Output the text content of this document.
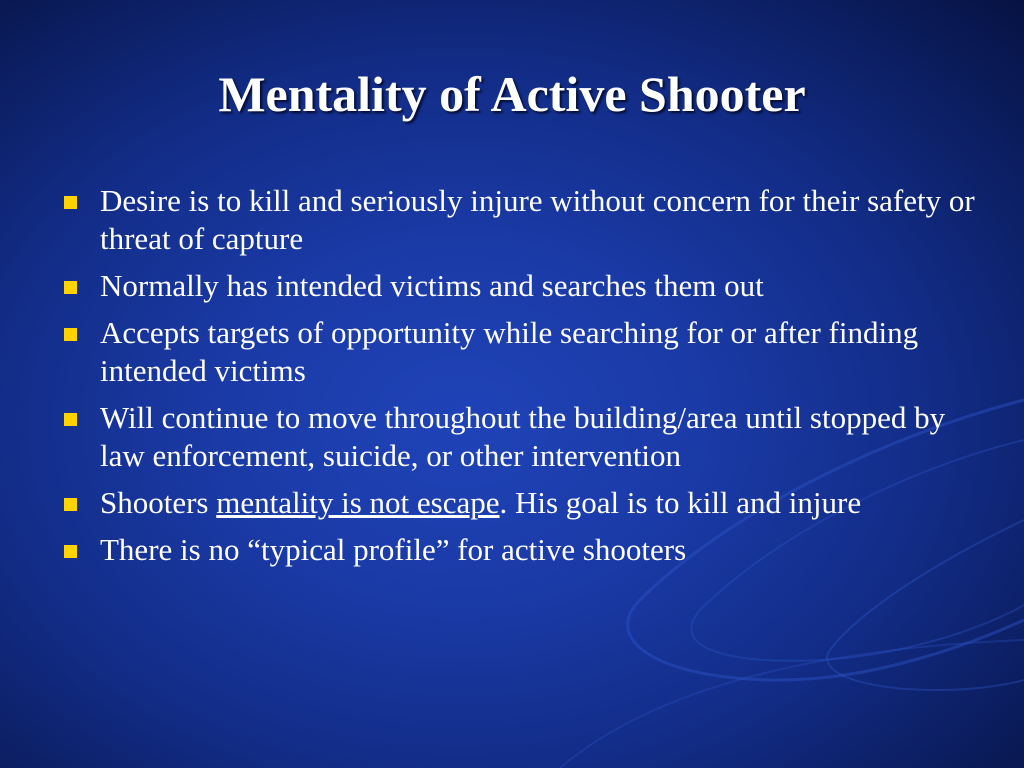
Mentality of Active Shooter
Desire is to kill and seriously injure without concern for their safety or threat of capture
Normally has intended victims and searches them out
Accepts targets of opportunity while searching for or after finding intended victims
Will continue to move throughout the building/area until stopped by law enforcement, suicide, or other intervention
Shooters mentality is not escape. His goal is to kill and injure
There is no “typical profile” for active shooters
